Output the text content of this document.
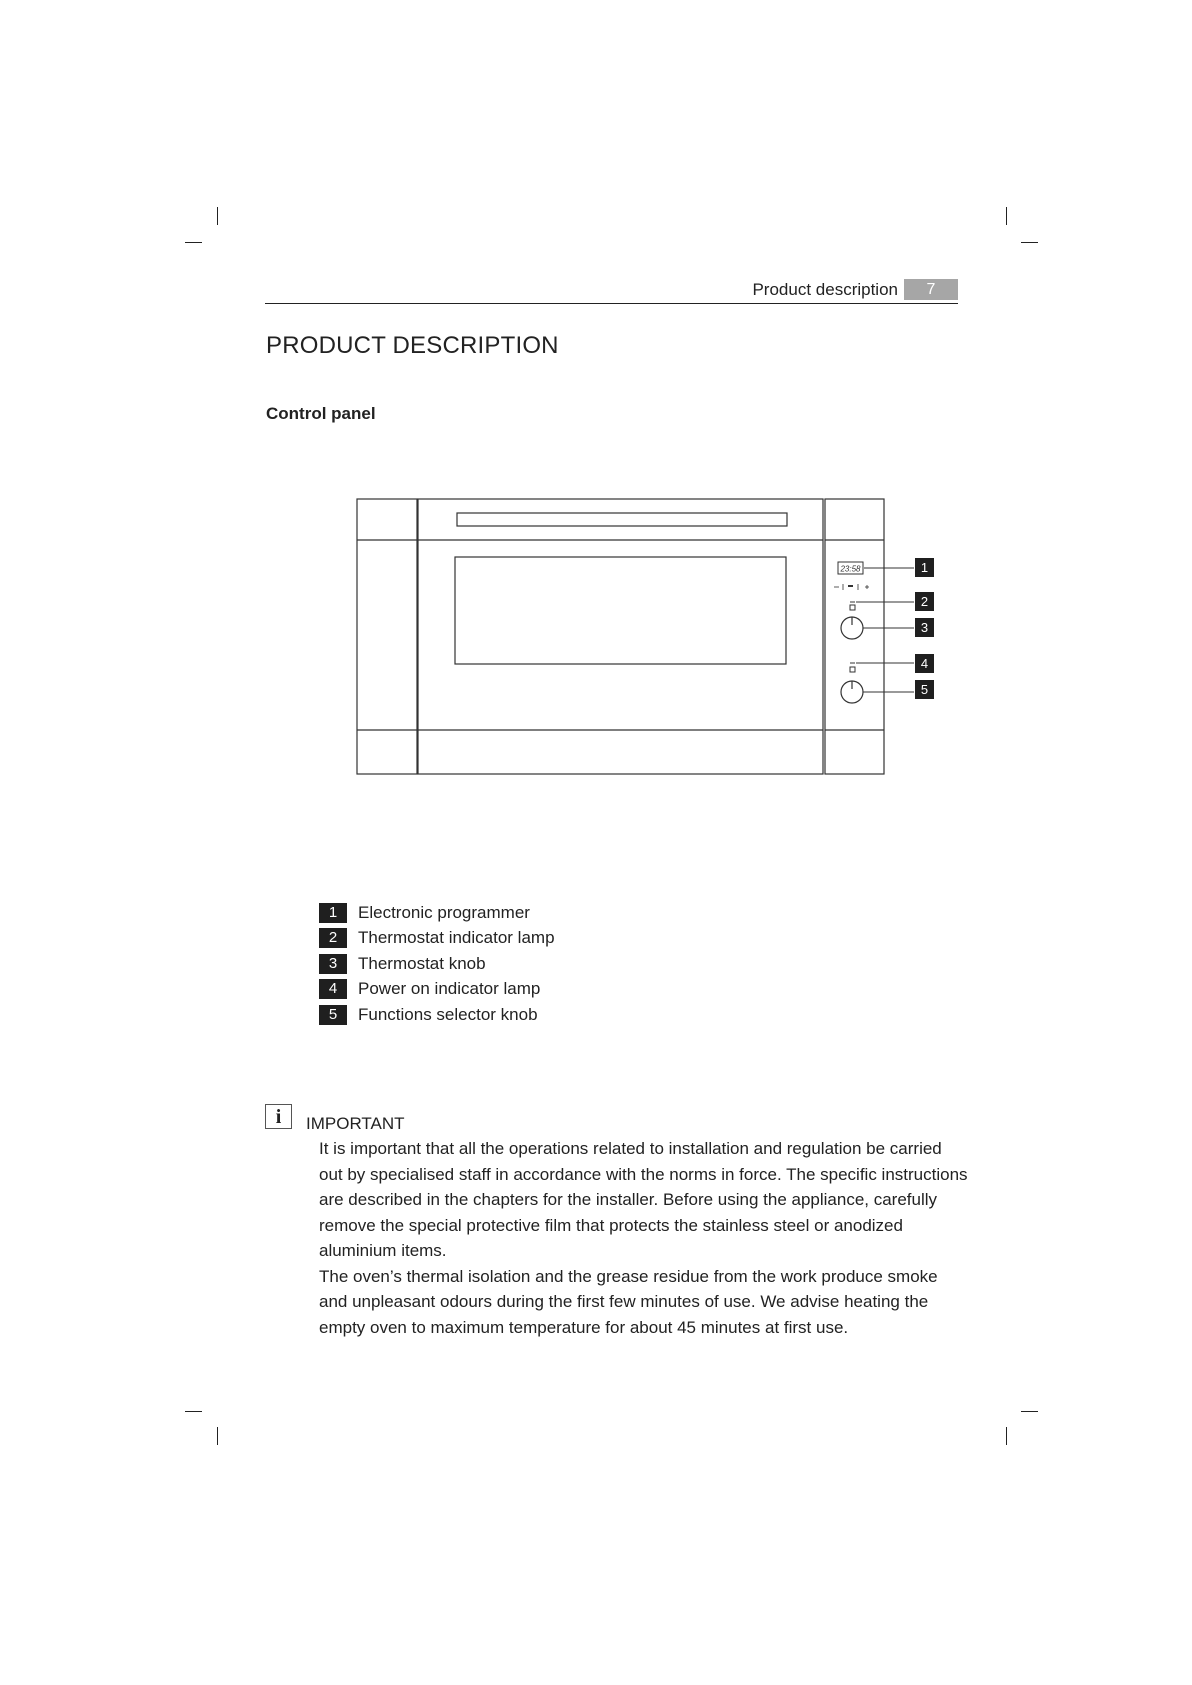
Product description	7
PRODUCT DESCRIPTION
Control panel
23:58	1
2
3
4
5
1	Electronic programmer
2	Thermostat indicator lamp
3	Thermostat knob
4	Power on indicator lamp
5	Functions selector knob
i	IMPORTANT

It is important that all the operations related to installation and regulation be carried out by specialised staff in accordance with the norms in force. The specific instructions are described in the chapters for the installer. Before using the appliance, carefully remove the special protective film that protects the stainless steel or anodized aluminium items.

The oven’s thermal isolation and the grease residue from the work produce smoke and unpleasant odours during the first few minutes of use. We advise heating the empty oven to maximum temperature for about 45 minutes at first use.
